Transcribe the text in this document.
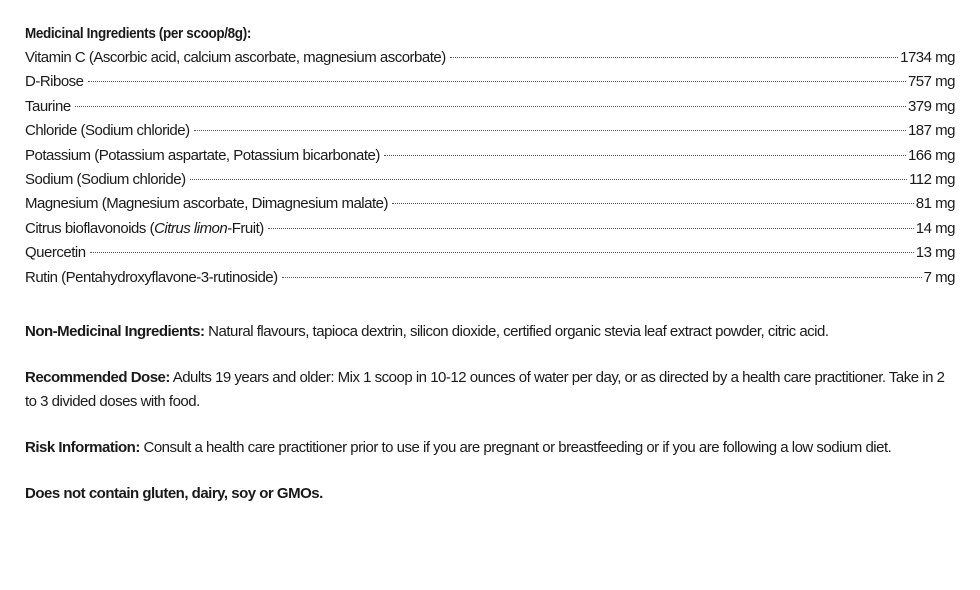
Medicinal Ingredients (per scoop/8g):
Vitamin C (Ascorbic acid, calcium ascorbate, magnesium ascorbate)	1734 mg
D-Ribose	757 mg
Taurine	379 mg
Chloride (Sodium chloride)	187 mg
Potassium (Potassium aspartate, Potassium bicarbonate)	166 mg
Sodium (Sodium chloride)	112 mg
Magnesium (Magnesium ascorbate, Dimagnesium malate)	81 mg
Citrus bioflavonoids (Citrus limon-Fruit)	14 mg
Quercetin	13 mg
Rutin (Pentahydroxyflavone-3-rutinoside)	7 mg
Non-Medicinal Ingredients: Natural flavours, tapioca dextrin, silicon dioxide, certified organic stevia leaf extract powder, citric acid.
Recommended Dose: Adults 19 years and older: Mix 1 scoop in 10-12 ounces of water per day, or as directed by a health care practitioner. Take in 2 to 3 divided doses with food.
Risk Information: Consult a health care practitioner prior to use if you are pregnant or breastfeeding or if you are following a low sodium diet.
Does not contain gluten, dairy, soy or GMOs.
